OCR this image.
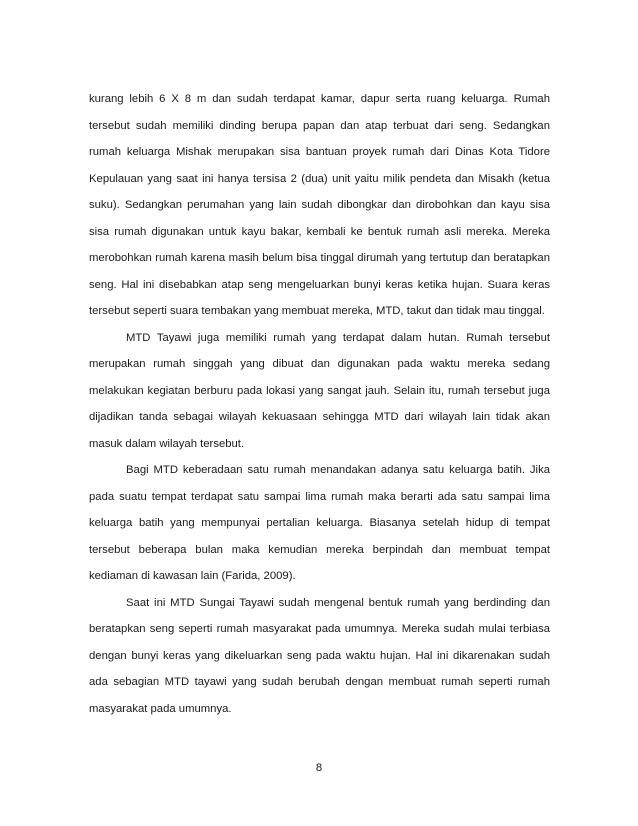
kurang lebih 6 X 8 m dan sudah terdapat kamar, dapur serta ruang keluarga. Rumah tersebut sudah memiliki dinding berupa papan dan atap terbuat dari seng. Sedangkan rumah keluarga Mishak merupakan sisa bantuan proyek rumah dari Dinas Kota Tidore Kepulauan yang saat ini hanya tersisa 2 (dua) unit yaitu milik pendeta dan Misakh (ketua suku). Sedangkan perumahan yang lain sudah dibongkar dan dirobohkan dan kayu sisa sisa rumah digunakan untuk kayu bakar, kembali ke bentuk rumah asli mereka. Mereka merobohkan rumah karena masih belum bisa tinggal dirumah yang tertutup dan beratapkan seng. Hal ini disebabkan atap seng mengeluarkan bunyi keras ketika hujan. Suara keras tersebut seperti suara tembakan yang membuat mereka, MTD, takut dan tidak mau tinggal.

MTD Tayawi juga memiliki rumah yang terdapat dalam hutan. Rumah tersebut merupakan rumah singgah yang dibuat dan digunakan pada waktu mereka sedang melakukan kegiatan berburu pada lokasi yang sangat jauh. Selain itu, rumah tersebut juga dijadikan tanda sebagai wilayah kekuasaan sehingga MTD dari wilayah lain tidak akan masuk dalam wilayah tersebut.

Bagi MTD keberadaan satu rumah menandakan adanya satu keluarga batih. Jika pada suatu tempat terdapat satu sampai lima rumah maka berarti ada satu sampai lima keluarga batih yang mempunyai pertalian keluarga. Biasanya setelah hidup di tempat tersebut beberapa bulan maka kemudian mereka berpindah dan membuat tempat kediaman di kawasan lain (Farida, 2009).

Saat ini MTD Sungai Tayawi sudah mengenal bentuk rumah yang berdinding dan beratapkan seng seperti rumah masyarakat pada umumnya. Mereka sudah mulai terbiasa dengan bunyi keras yang dikeluarkan seng pada waktu hujan. Hal ini dikarenakan sudah ada sebagian MTD tayawi yang sudah berubah dengan membuat rumah seperti rumah masyarakat pada umumnya.

8
